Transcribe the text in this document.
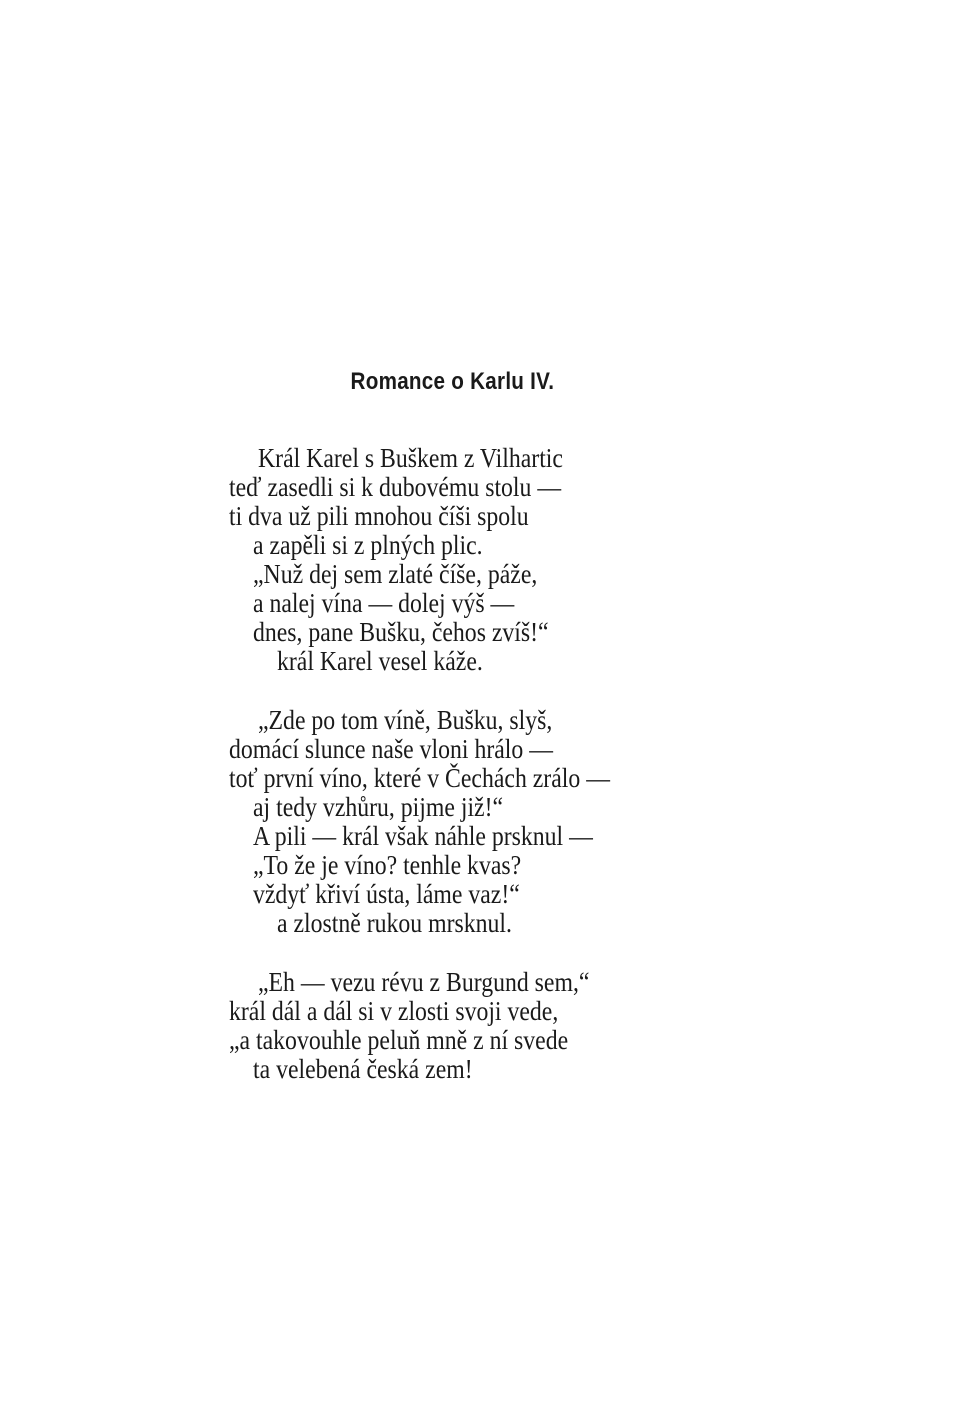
Romance o Karlu IV.
Král Karel s Buškem z Vilhartic
teď zasedli si k dubovému stolu —
ti dva už pili mnohou číši spolu
a zapěli si z plných plic.
„Nuž dej sem zlaté číše, páže,
a nalej vína — dolej výš —
dnes, pane Bušku, čehos zvíš!“
král Karel vesel káže.
„Zde po tom víně, Bušku, slyš,
domácí slunce naše vloni hrálo —
toť první víno, které v Čechách zrálo —
aj tedy vzhůru, pijme již!“
A pili — král však náhle prsknul —
„To že je víno? tenhle kvas?
vždyť křiví ústa, láme vaz!“
a zlostně rukou mrsknul.
„Eh — vezu révu z Burgund sem,“
král dál a dál si v zlosti svoji vede,
„a takovouhle peluň mně z ní svede
ta velebená česká zem!
